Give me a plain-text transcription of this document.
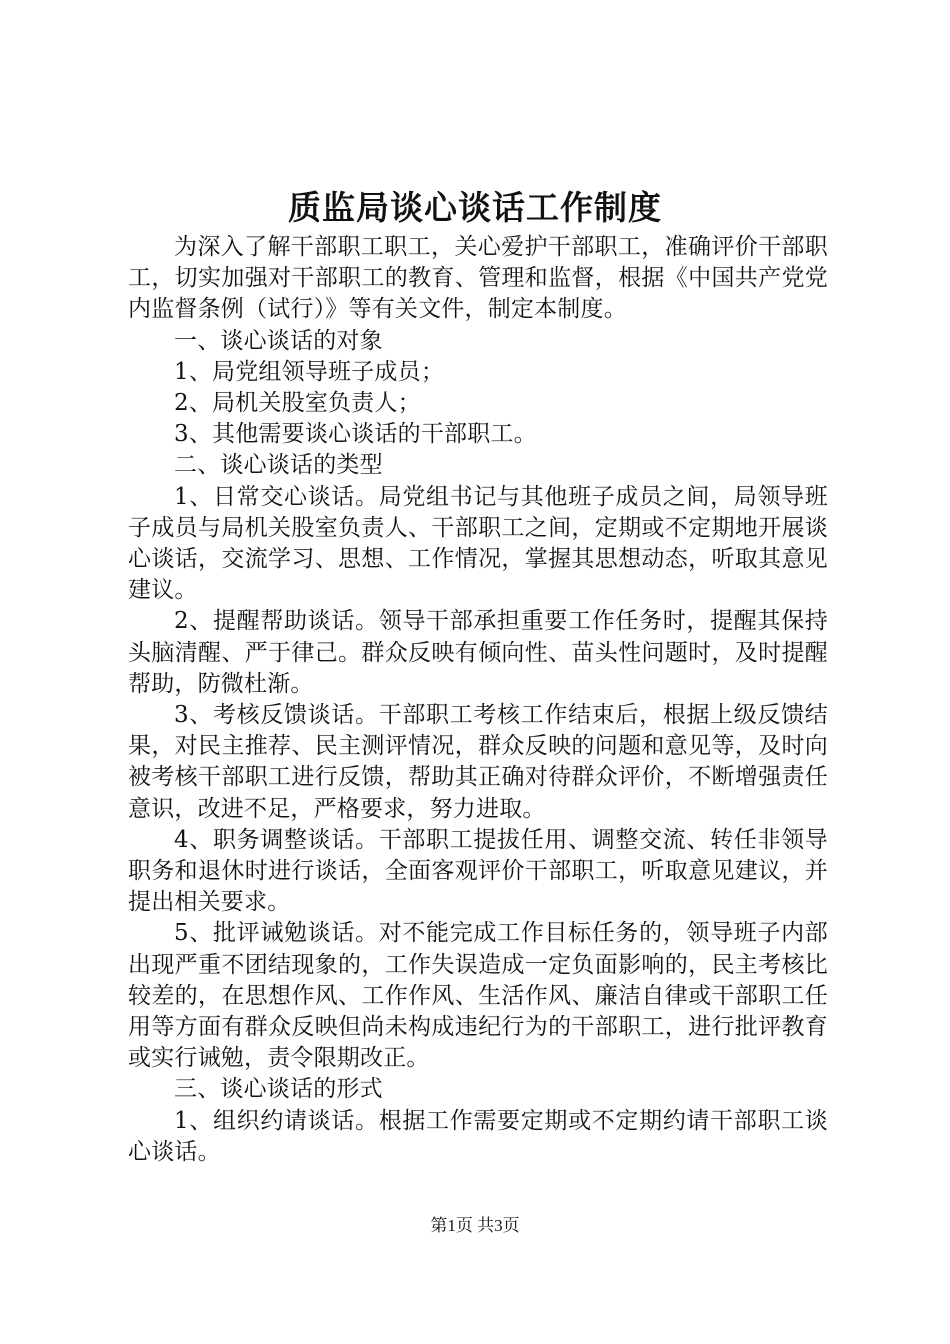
质监局谈心谈话工作制度

为深入了解干部职工职工，关心爱护干部职工，准确评价干部职工，切实加强对干部职工的教育、管理和监督，根据《中国共产党党内监督条例（试行）》等有关文件，制定本制度。

一、谈心谈话的对象

1、局党组领导班子成员；

2、局机关股室负责人；

3、其他需要谈心谈话的干部职工。

二、谈心谈话的类型

1、日常交心谈话。局党组书记与其他班子成员之间，局领导班子成员与局机关股室负责人、干部职工之间，定期或不定期地开展谈心谈话，交流学习、思想、工作情况，掌握其思想动态，听取其意见建议。

2、提醒帮助谈话。领导干部承担重要工作任务时，提醒其保持头脑清醒、严于律己。群众反映有倾向性、苗头性问题时，及时提醒帮助，防微杜渐。

3、考核反馈谈话。干部职工考核工作结束后，根据上级反馈结果，对民主推荐、民主测评情况，群众反映的问题和意见等，及时向被考核干部职工进行反馈，帮助其正确对待群众评价，不断增强责任意识，改进不足，严格要求，努力进取。

4、职务调整谈话。干部职工提拔任用、调整交流、转任非领导职务和退休时进行谈话，全面客观评价干部职工，听取意见建议，并提出相关要求。

5、批评诫勉谈话。对不能完成工作目标任务的，领导班子内部出现严重不团结现象的，工作失误造成一定负面影响的，民主考核比较差的，在思想作风、工作作风、生活作风、廉洁自律或干部职工任用等方面有群众反映但尚未构成违纪行为的干部职工，进行批评教育或实行诫勉，责令限期改正。

三、谈心谈话的形式

1、组织约请谈话。根据工作需要定期或不定期约请干部职工谈心谈话。

第1页 共3页
